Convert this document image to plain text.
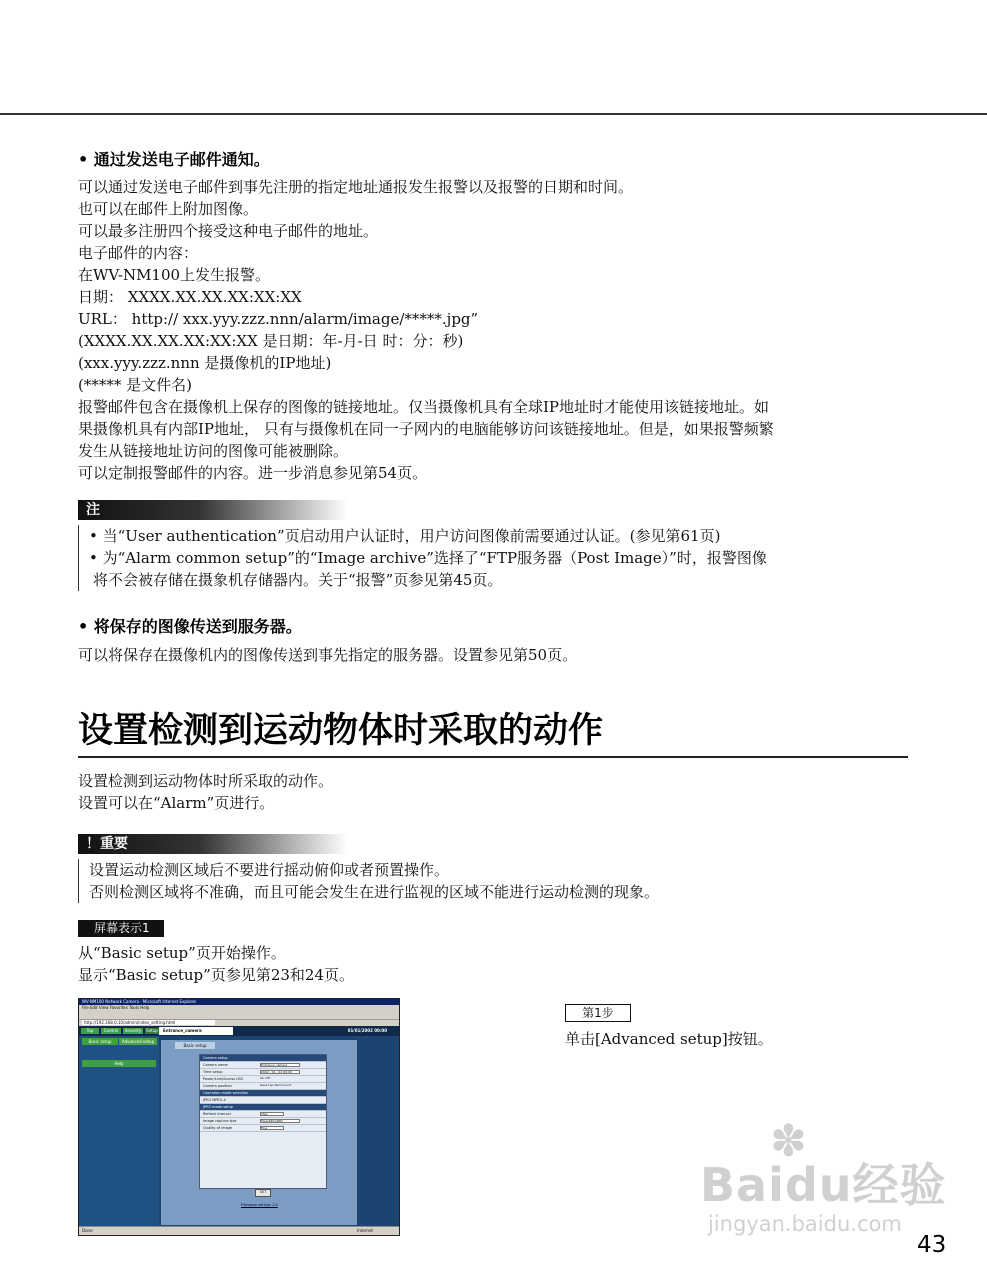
• 通过发送电子邮件通知。
可以通过发送电子邮件到事先注册的指定地址通报发生报警以及报警的日期和时间。
也可以在邮件上附加图像。
可以最多注册四个接受这种电子邮件的地址。
电子邮件的内容：
在WV-NM100上发生报警。
日期： XXXX.XX.XX.XX:XX:XX
URL： http:// xxx.yyy.zzz.nnn/alarm/image/*****.jpg”
(XXXX.XX.XX.XX:XX:XX 是日期：年-月-日 时：分：秒)
(xxx.yyy.zzz.nnn 是摄像机的IP地址)
(***** 是文件名)
报警邮件包含在摄像机上保存的图像的链接地址。仅当摄像机具有全球IP地址时才能使用该链接地址。如
果摄像机具有内部IP地址， 只有与摄像机在同一子网内的电脑能够访问该链接地址。但是，如果报警频繁
发生从链接地址访问的图像可能被删除。
可以定制报警邮件的内容。进一步消息参见第54页。
注
• 当“User authentication”页启动用户认证时，用户访问图像前需要通过认证。(参见第61页)
• 为“Alarm common setup”的“Image archive”选择了“FTP服务器（Post Image）”时，报警图像
将不会被存储在摄象机存储器内。关于“报警”页参见第45页。
• 将保存的图像传送到服务器。
可以将保存在摄像机内的图像传送到事先指定的服务器。设置参见第50页。
设置检测到运动物体时采取的动作
设置检测到运动物体时所采取的动作。
设置可以在“Alarm”页进行。
！重要
设置运动检测区域后不要进行摇动俯仰或者预置操作。
否则检测区域将不准确，而且可能会发生在进行监视的区域不能进行运动检测的现象。
屏幕表示1
从“Basic setup”页开始操作。
显示“Basic setup”页参见第23和24页。
WV-NM100 Network Camera - Microsoft Internet Explorer
File Edit View Favorites Tools Help
http://192.168.0.10/admin/index_setting.html
Top	Control	Security	Setup	Entrance_camera	01/01/2002 00:00
Basic setup	Advanced setup
Help
Basic setup
Camera setup
Camera name	Entrance_camera
Time setup	2002 - 01 - 01 00:00
Power/Link/Access LED	On Off
Camera position	Desk top Wall mount
Operation mode selection
JPEG MPEG-4
JPEG mode setup
Refresh interval	1fps
Image capture size	VGA(640x480)
Quality of image	Fine
SET
Firmware version 1.0
Done	Internet
第1步
单击[Advanced setup]按钮。
✽
Baidu经验
jingyan.baidu.com
43
